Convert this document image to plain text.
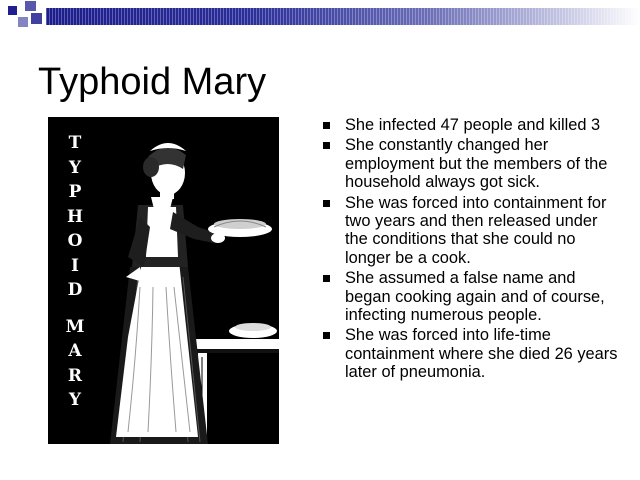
Typhoid Mary
T
Y
P
H
O
I
D
M
A
R
Y
She infected 47 people and killed 3
She constantly changed her employment but the members of the household always got sick.
She was forced into containment for two years and then released under the conditions that she could no longer be a cook.
She assumed a false name and began cooking again and of course, infecting numerous people.
She was forced into life-time containment where she died 26 years later of pneumonia.
